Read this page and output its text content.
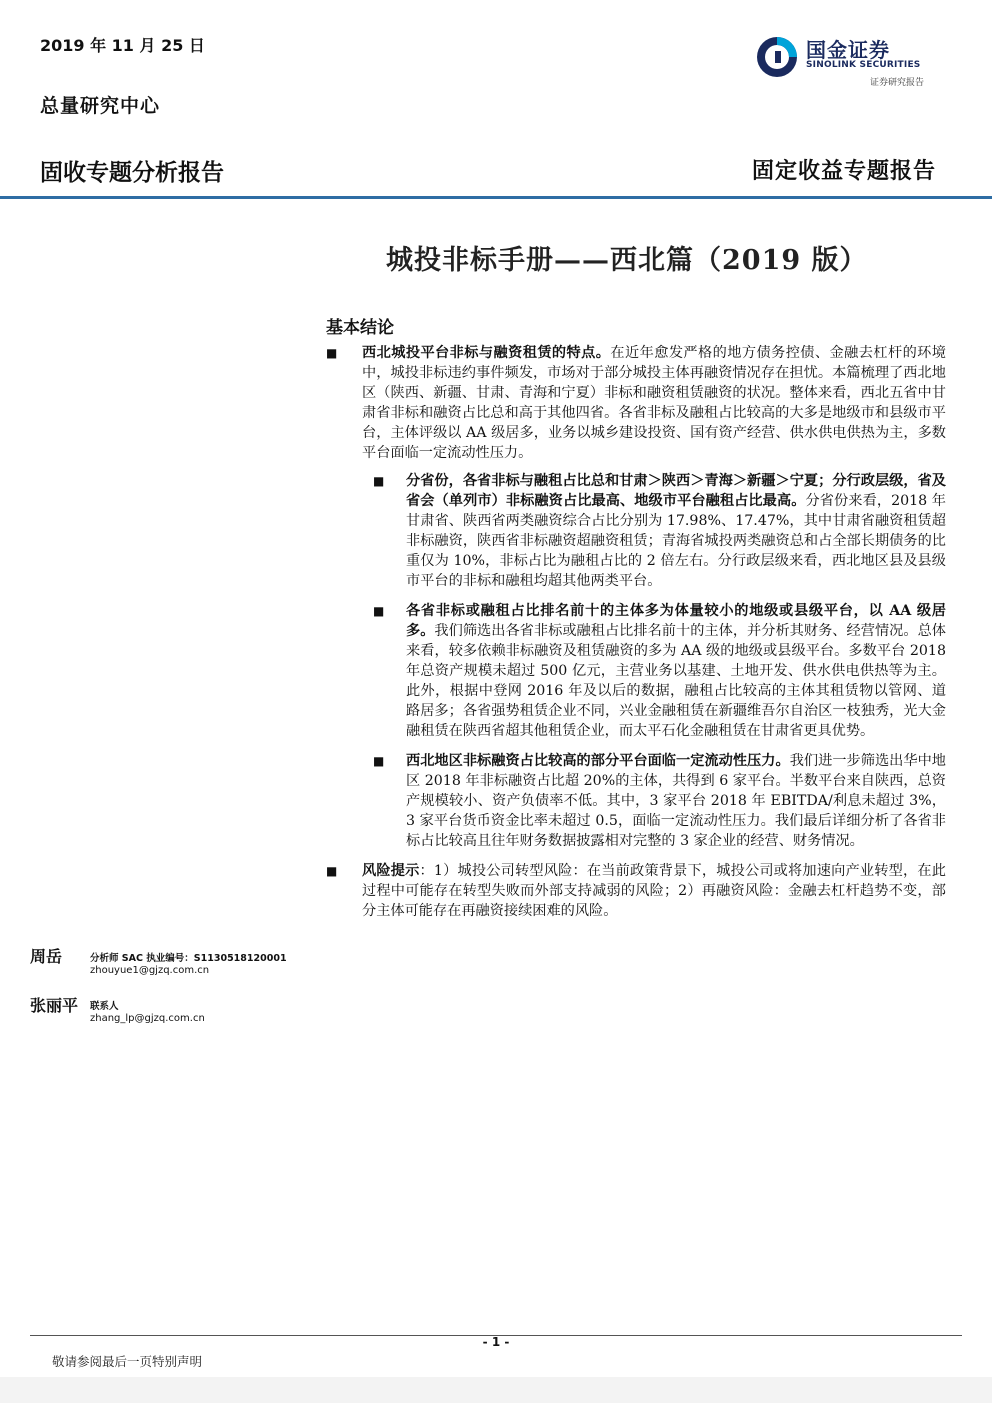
2019 年 11 月 25 日
总量研究中心
固收专题分析报告	固定收益专题报告
国金证券
SINOLINK SECURITIES
证券研究报告
城投非标手册——西北篇（2019 版）
基本结论
■	西北城投平台非标与融资租赁的特点。在近年愈发严格的地方债务控债、金融去杠杆的环境中，城投非标违约事件频发，市场对于部分城投主体再融资情况存在担忧。本篇梳理了西北地区（陕西、新疆、甘肃、青海和宁夏）非标和融资租赁融资的状况。整体来看，西北五省中甘肃省非标和融资占比总和高于其他四省。各省非标及融租占比较高的大多是地级市和县级市平台，主体评级以 AA 级居多，业务以城乡建设投资、国有资产经营、供水供电供热为主，多数平台面临一定流动性压力。
■	分省份，各省非标与融租占比总和甘肃＞陕西＞青海＞新疆＞宁夏；分行政层级，省及省会（单列市）非标融资占比最高、地级市平台融租占比最高。分省份来看，2018 年甘肃省、陕西省两类融资综合占比分别为 17.98%、17.47%，其中甘肃省融资租赁超非标融资，陕西省非标融资超融资租赁；青海省城投两类融资总和占全部长期债务的比重仅为 10%，非标占比为融租占比的 2 倍左右。分行政层级来看，西北地区县及县级市平台的非标和融租均超其他两类平台。
■	各省非标或融租占比排名前十的主体多为体量较小的地级或县级平台，以 AA 级居多。我们筛选出各省非标或融租占比排名前十的主体，并分析其财务、经营情况。总体来看，较多依赖非标融资及租赁融资的多为 AA 级的地级或县级平台。多数平台 2018 年总资产规模未超过 500 亿元，主营业务以基建、土地开发、供水供电供热等为主。此外，根据中登网 2016 年及以后的数据，融租占比较高的主体其租赁物以管网、道路居多；各省强势租赁企业不同，兴业金融租赁在新疆维吾尔自治区一枝独秀，光大金融租赁在陕西省超其他租赁企业，而太平石化金融租赁在甘肃省更具优势。
■	西北地区非标融资占比较高的部分平台面临一定流动性压力。我们进一步筛选出华中地区 2018 年非标融资占比超 20%的主体，共得到 6 家平台。半数平台来自陕西，总资产规模较小、资产负债率不低。其中，3 家平台 2018 年 EBITDA/利息未超过 3%，3 家平台货币资金比率未超过 0.5，面临一定流动性压力。我们最后详细分析了各省非标占比较高且往年财务数据披露相对完整的 3 家企业的经营、财务情况。
■	风险提示：1）城投公司转型风险：在当前政策背景下，城投公司或将加速向产业转型，在此过程中可能存在转型失败而外部支持减弱的风险；2）再融资风险：金融去杠杆趋势不变，部分主体可能存在再融资接续困难的风险。
周岳	分析师 SAC 执业编号：S1130518120001
zhouyue1@gjzq.com.cn
张丽平 联系人
zhang_lp@gjzq.com.cn
- 1 -
敬请参阅最后一页特别声明
